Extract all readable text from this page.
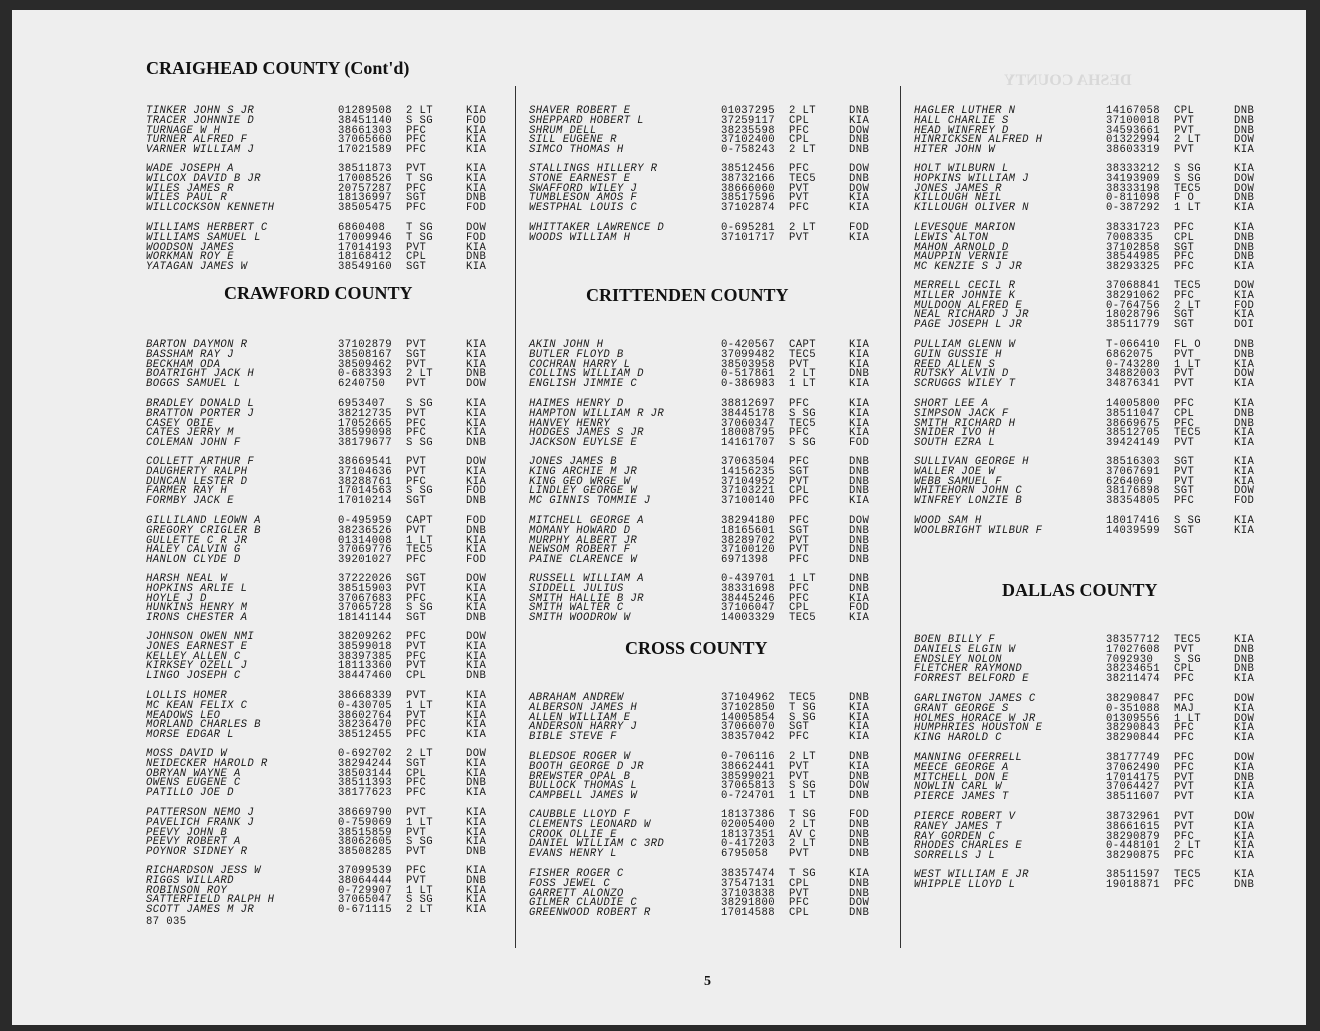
DESHA COUNTY
CRAIGHEAD COUNTY (Cont'd)
TINKER JOHN S JR	01289508 2 LT	KIA
TRACER JOHNNIE D	38451140 S SG	FOD
TURNAGE W H	38661303 PFC	KIA
TURNER ALFRED F	37065660 PFC	KIA
VARNER WILLIAM J	17021589 PFC	KIA
WADE JOSEPH A	38511873 PVT	KIA
WILCOX DAVID B JR	17008526 T SG	KIA
WILES JAMES R	20757287 PFC	KIA
WILES PAUL R	18136997 SGT	DNB
WILLCOCKSON KENNETH	38505475 PFC	FOD
WILLIAMS HERBERT C	6860408 T SG	DOW
WILLIAMS SAMUEL L	17009946 T SG	FOD
WOODSON JAMES	17014193 PVT	KIA
WORKMAN ROY E	18168412 CPL	DNB
YATAGAN JAMES W	38549160 SGT	KIA
CRAWFORD COUNTY
BARTON DAYMON R	37102879 PVT	KIA
BASSHAM RAY J	38508167 SGT	KIA
BECKHAM ODA	38509462 PVT	KIA
BOATRIGHT JACK H	0-683393 2 LT	DNB
BOGGS SAMUEL L	6240750 PVT	DOW
BRADLEY DONALD L	6953407 S SG	KIA
BRATTON PORTER J	38212735 PVT	KIA
CASEY OBIE	17052665 PFC	KIA
CATES JERRY M	38599098 PFC	KIA
COLEMAN JOHN F	38179677 S SG	DNB
COLLETT ARTHUR F	38669541 PVT	DOW
DAUGHERTY RALPH	37104636 PVT	KIA
DUNCAN LESTER D	38288761 PFC	KIA
FARMER RAY H	17014563 S SG	FOD
FORMBY JACK E	17010214 SGT	DNB
GILLILAND LEOWN A	0-495959 CAPT	FOD
GREGORY CRIGLER B	38236526 PVT	DNB
GULLETTE C R JR	01314008 1 LT	KIA
HALEY CALVIN G	37069776 TEC5	KIA
HANLON CLYDE D	39201027 PFC	FOD
HARSH NEAL W	37222026 SGT	DOW
HOPKINS ARLIE L	38515903 PVT	KIA
HOYLE J D	37067683 PFC	KIA
HUNKINS HENRY M	37065728 S SG	KIA
IRONS CHESTER A	18141144 SGT	DNB
JOHNSON OWEN NMI	38209262 PFC	DOW
JONES EARNEST E	38599018 PVT	KIA
KELLEY ALLEN C	38397385 PFC	KIA
KIRKSEY OZELL J	18113360 PVT	KIA
LINGO JOSEPH C	38447460 CPL	DNB
LOLLIS HOMER	38668339 PVT	KIA
MC KEAN FELIX C	0-430705 1 LT	KIA
MEADOWS LEO	38602764 PVT	KIA
MORLAND CHARLES B	38236470 PFC	KIA
MORSE EDGAR L	38512455 PFC	KIA
MOSS DAVID W	0-692702 2 LT	DOW
NEIDECKER HAROLD R	38294244 SGT	KIA
OBRYAN WAYNE A	38503144 CPL	KIA
OWENS EUGENE C	38511393 PFC	DNB
PATILLO JOE D	38177623 PFC	KIA
PATTERSON NEMO J	38669790 PVT	KIA
PAVELICH FRANK J	0-759069 1 LT	KIA
PEEVY JOHN B	38515859 PVT	KIA
PEEVY ROBERT A	38062605 S SG	KIA
POYNOR SIDNEY R	38508285 PVT	DNB
RICHARDSON JESS W	37099539 PFC	KIA
RIGGS WILLARD	38064444 PVT	DNB
ROBINSON ROY	0-729907 1 LT	KIA
SATTERFIELD RALPH H	37065047 S SG	KIA
SCOTT JAMES M JR	0-671115 2 LT	KIA
SHAVER ROBERT E	01037295 2 LT	DNB
SHEPPARD HOBERT L	37259117 CPL	KIA
SHRUM DELL	38235598 PFC	DOW
SILL EUGENE R	37102400 CPL	DNB
SIMCO THOMAS H	0-758243 2 LT	DNB
STALLINGS HILLERY R	38512456 PFC	DOW
STONE EARNEST E	38732166 TEC5	DNB
SWAFFORD WILEY J	38666060 PVT	DOW
TUMBLESON AMOS F	38517596 PVT	KIA
WESTPHAL LOUIS C	37102874 PFC	KIA
WHITTAKER LAWRENCE D	0-695281 2 LT	FOD
WOODS WILLIAM H	37101717 PVT	KIA
CRITTENDEN COUNTY
AKIN JOHN H	0-420567 CAPT	KIA
BUTLER FLOYD B	37099482 TEC5	KIA
COCHRAN HARRY L	38503958 PVT	KIA
COLLINS WILLIAM D	0-517861 2 LT	DNB
ENGLISH JIMMIE C	0-386983 1 LT	KIA
HAIMES HENRY D	38812697 PFC	KIA
HAMPTON WILLIAM R JR	38445178 S SG	KIA
HANVEY HENRY	37060347 TEC5	KIA
HODGES JAMES S JR	18008795 PFC	KIA
JACKSON EUYLSE E	14161707 S SG	FOD
JONES JAMES B	37063504 PFC	DNB
KING ARCHIE M JR	14156235 SGT	DNB
KING GEO WRGE W	37104952 PVT	DNB
LINDLEY GEORGE W	37103221 CPL	DNB
MC GINNIS TOMMIE J	37100140 PFC	KIA
MITCHELL GEORGE A	38294180 PFC	DOW
MOMANY HOWARD D	18165601 SGT	DNB
MURPHY ALBERT JR	38289702 PVT	DNB
NEWSOM ROBERT F	37100120 PVT	DNB
PAINE CLARENCE W	6971398 PFC	DNB
RUSSELL WILLIAM A	0-439701 1 LT	DNB
SIDDELL JULIUS	38331698 PFC	DNB
SMITH HALLIE B JR	38445246 PFC	KIA
SMITH WALTER C	37106047 CPL	FOD
SMITH WOODROW W	14003329 TEC5	KIA
CROSS COUNTY
ABRAHAM ANDREW	37104962 TEC5	DNB
ALBERSON JAMES H	37102850 T SG	KIA
ALLEN WILLIAM E	14005854 S SG	KIA
ANDERSON HARRY J	37066070 SGT	KIA
BIBLE STEVE F	38357042 PFC	KIA
BLEDSOE ROGER W	0-706116 2 LT	DNB
BOOTH GEORGE D JR	38662441 PVT	KIA
BREWSTER OPAL B	38599021 PVT	DNB
BULLOCK THOMAS L	37065813 S SG	DOW
CAMPBELL JAMES W	0-724701 1 LT	DNB
CAUBBLE LLOYD F	18137386 T SG	FOD
CLEMENTS LEONARD W	02005400 2 LT	DNB
CROOK OLLIE E	18137351 AV C	DNB
DANIEL WILLIAM C 3RD	0-417203 2 LT	DNB
EVANS HENRY L	6795058 PVT	DNB
FISHER ROGER C	38357474 T SG	KIA
FOSS JEWEL C	37547131 CPL	DNB
GARRETT ALONZO	37103838 PVT	DNB
GILMER CLAUDIE C	38291800 PFC	DOW
GREENWOOD ROBERT R	17014588 CPL	DNB
HAGLER LUTHER N	14167058 CPL	DNB
HALL CHARLIE S	37100018 PVT	DNB
HEAD WINFREY D	34593661 PVT	DNB
HINRICKSEN ALFRED H	01322994 2 LT	DOW
HITER JOHN W	38603319 PVT	KIA
HOLT WILBURN L	38333212 S SG	KIA
HOPKINS WILLIAM J	34193909 S SG	DOW
JONES JAMES R	38333198 TEC5	DOW
KILLOUGH NEIL	0-811098 F O	DNB
KILLOUGH OLIVER N	0-387292 1 LT	KIA
LEVESQUE MARION	38331723 PFC	KIA
LEWIS ALTON	7008335 CPL	DNB
MAHON ARNOLD D	37102858 SGT	DNB
MAUPPIN VERNIE	38544985 PFC	DNB
MC KENZIE S J JR	38293325 PFC	KIA
MERRELL CECIL R	37068841 TEC5	DOW
MILLER JOHNIE K	38291062 PFC	KIA
MULDOON ALFRED E	0-764756 2 LT	FOD
NEAL RICHARD J JR	18028796 SGT	KIA
PAGE JOSEPH L JR	38511779 SGT	DOI
PULLIAM GLENN W	T-066410 FL O	DNB
GUIN GUSSIE H	6862075 PVT	DNB
REED ALLEN S	0-743280 1 LT	KIA
RUTSKY ALVIN D	34882003 PVT	DOW
SCRUGGS WILEY T	34876341 PVT	KIA
SHORT LEE A	14005800 PFC	KIA
SIMPSON JACK F	38511047 CPL	DNB
SMITH RICHARD H	38669675 PFC	DNB
SNIDER IVO H	38512705 TEC5	KIA
SOUTH EZRA L	39424149 PVT	KIA
SULLIVAN GEORGE H	38516303 SGT	KIA
WALLER JOE W	37067691 PVT	KIA
WEBB SAMUEL F	6264069 PVT	KIA
WHITEHORN JOHN C	38176898 SGT	DOW
WINFREY LONZIE B	38354805 PFC	FOD
WOOD SAM H	18017416 S SG	KIA
WOOLBRIGHT WILBUR F	14039599 SGT	KIA
DALLAS COUNTY
BOEN BILLY F	38357712 TEC5	KIA
DANIELS ELGIN W	17027608 PVT	DNB
ENDSLEY NOLON	7092930 S SG	DNB
FLETCHER RAYMOND	38234651 CPL	DNB
FORREST BELFORD E	38211474 PFC	KIA
GARLINGTON JAMES C	38290847 PFC	DOW
GRANT GEORGE S	0-351088 MAJ	KIA
HOLMES HORACE W JR	01309556 1 LT	DOW
HUMPHRIES HOUSTON E	38290843 PFC	KIA
KING HAROLD C	38290844 PFC	KIA
MANNING OFERRELL	38177749 PFC	DOW
MEECE GEORGE A	37062490 PFC	KIA
MITCHELL DON E	17014175 PVT	DNB
NOWLIN CARL W	37064427 PVT	KIA
PIERCE JAMES T	38511607 PVT	KIA
PIERCE ROBERT V	38732961 PVT	DOW
RANEY JAMES T	38661615 PVT	KIA
RAY GORDEN C	38290879 PFC	KIA
RHODES CHARLES E	0-448101 2 LT	KIA
SORRELLS J L	38290875 PFC	KIA
WEST WILLIAM E JR	38511597 TEC5	KIA
WHIPPLE LLOYD L	19018871 PFC	DNB
87 035
5
